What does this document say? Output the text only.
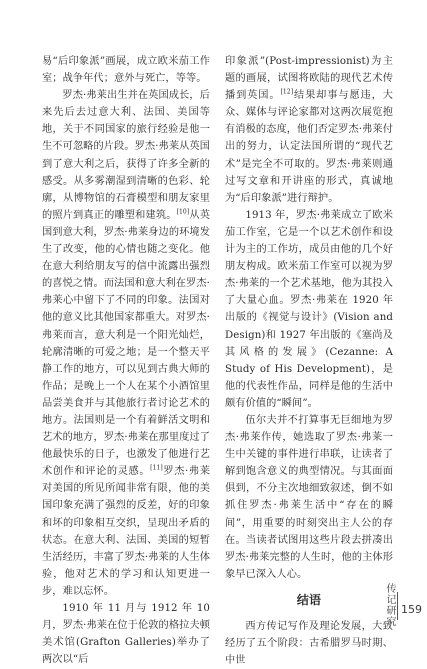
易“后印象派”画展，成立欧米茄工作室；战争年代；意外与死亡，等等。

罗杰·弗莱出生并在英国成长，后来先后去过意大利、法国、美国等地，关于不同国家的旅行经验是他一生不可忽略的片段。罗杰·弗莱从英国到了意大利之后，获得了许多全新的感受。从多雾潮湿到清晰的色彩、轮廓，从博物馆的石膏模型和朋友家里的照片到真正的雕塑和建筑。[10]从英国到意大利，罗杰·弗莱身边的环境发生了改变，他的心情也随之变化。他在意大利给朋友写的信中流露出强烈的喜悦之情。而法国和意大利在罗杰·弗莱心中留下了不同的印象。法国对他的意义比其他国家都重大。对罗杰·弗莱而言，意大利是一个阳光灿烂，轮廓清晰的可爱之地；是一个整天平静工作的地方，可以见到古典大师的作品；是晚上一个人在某个小酒馆里品尝美食并与其他旅行者讨论艺术的地方。法国则是一个有着鲜活文明和艺术的地方，罗杰·弗莱在那里度过了他最快乐的日子，也激发了他进行艺术创作和评论的灵感。[11]罗杰·弗莱对美国的所见所闻非常有限，他的美国印象充满了强烈的反差，好的印象和坏的印象相互交织，呈现出矛盾的状态。在意大利、法国、美国的短暂生活经历，丰富了罗杰·弗莱的人生体验，他对艺术的学习和认知更进一步，难以忘怀。

1910 年 11 月与 1912 年 10 月，罗杰·弗莱在位于伦敦的格拉夫顿美术馆(Grafton Galleries)举办了两次以“后

印象派”(Post-impressionist)为主题的画展，试图将欧陆的现代艺术传播到英国。[12]结果却事与愿违，大众、媒体与评论家都对这两次展览抱有消极的态度，他们否定罗杰·弗莱付出的努力，认定法国所谓的“现代艺术”是完全不可取的。罗杰·弗莱则通过写文章和开讲座的形式，真诚地为“后印象派”进行辩护。

1913 年，罗杰·弗莱成立了欧米茄工作室，它是一个以艺术创作和设计为主的工作坊，成员由他的几个好朋友构成。欧米茄工作室可以视为罗杰·弗莱的一个艺术基地，他为其投入了大量心血。罗杰·弗莱在 1920 年出版的《视觉与设计》(Vision and Design)和 1927 年出版的《塞尚及其风格的发展》(Cezanne: A Study of His Development)，是他的代表性作品，同样是他的生活中颇有价值的“瞬间”。

伍尔夫并不打算事无巨细地为罗杰·弗莱作传，她选取了罗杰·弗莱一生中关键的事件进行串联，让读者了解到饱含意义的典型情况。与其面面俱到，不分主次地细致叙述，倒不如抓住罗杰·弗莱生活中“存在的瞬间”，用重要的时刻突出主人公的存在。当读者试图用这些片段去拼凑出罗杰·弗莱完整的人生时，他的主体形象早已深入人心。

结语

西方传记写作及理论发展，大致经历了五个阶段：古希腊罗马时期、中世

传记研究 159
